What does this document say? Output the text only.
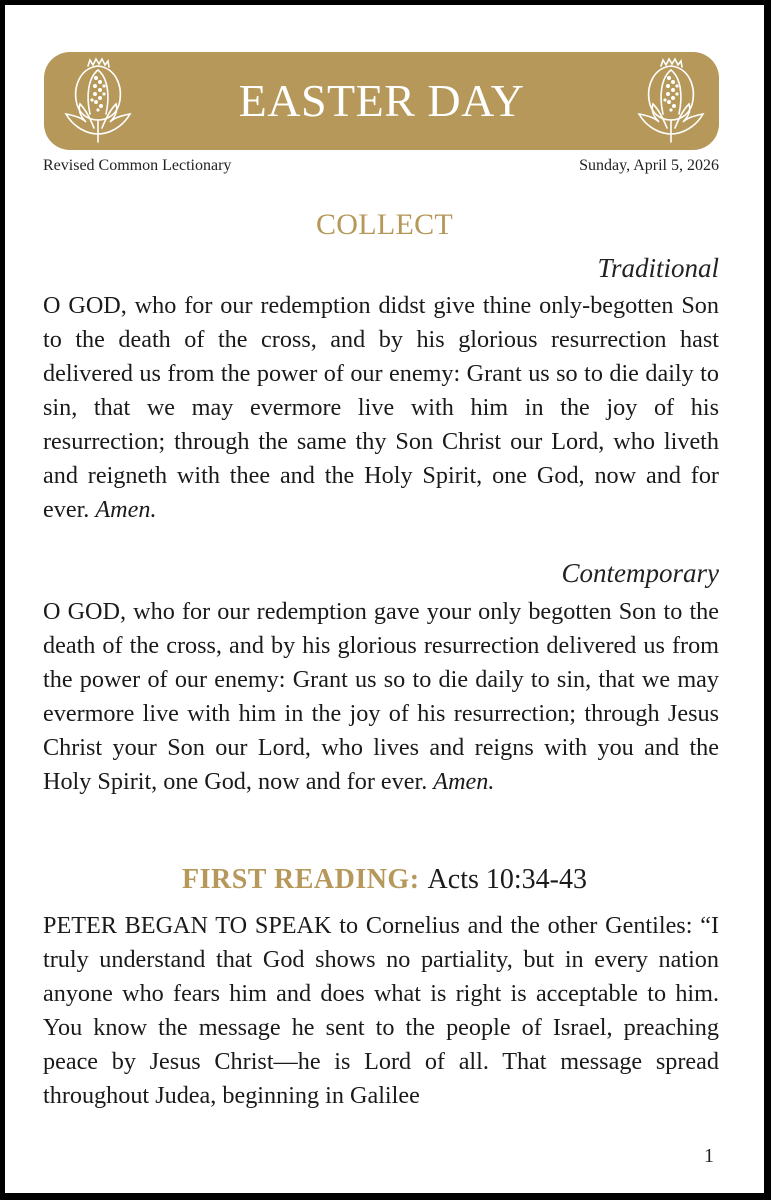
EASTER DAY
Revised Common Lectionary	Sunday, April 5, 2026
COLLECT
Traditional

O GOD, who for our redemption didst give thine only-begotten Son to the death of the cross, and by his glorious resurrection hast delivered us from the power of our enemy: Grant us so to die daily to sin, that we may evermore live with him in the joy of his resurrection; through the same thy Son Christ our Lord, who liveth and reigneth with thee and the Holy Spirit, one God, now and for ever. Amen.

Contemporary

O GOD, who for our redemption gave your only begotten Son to the death of the cross, and by his glorious resurrection delivered us from the power of our enemy: Grant us so to die daily to sin, that we may evermore live with him in the joy of his resurrection; through Jesus Christ your Son our Lord, who lives and reigns with you and the Holy Spirit, one God, now and for ever. Amen.

FIRST READING: Acts 10:34-43

PETER BEGAN TO SPEAK to Cornelius and the other Gentiles: “I truly understand that God shows no partiality, but in every nation anyone who fears him and does what is right is acceptable to him. You know the message he sent to the people of Israel, preaching peace by Jesus Christ—he is Lord of all. That message spread throughout Judea, beginning in Galilee

1
